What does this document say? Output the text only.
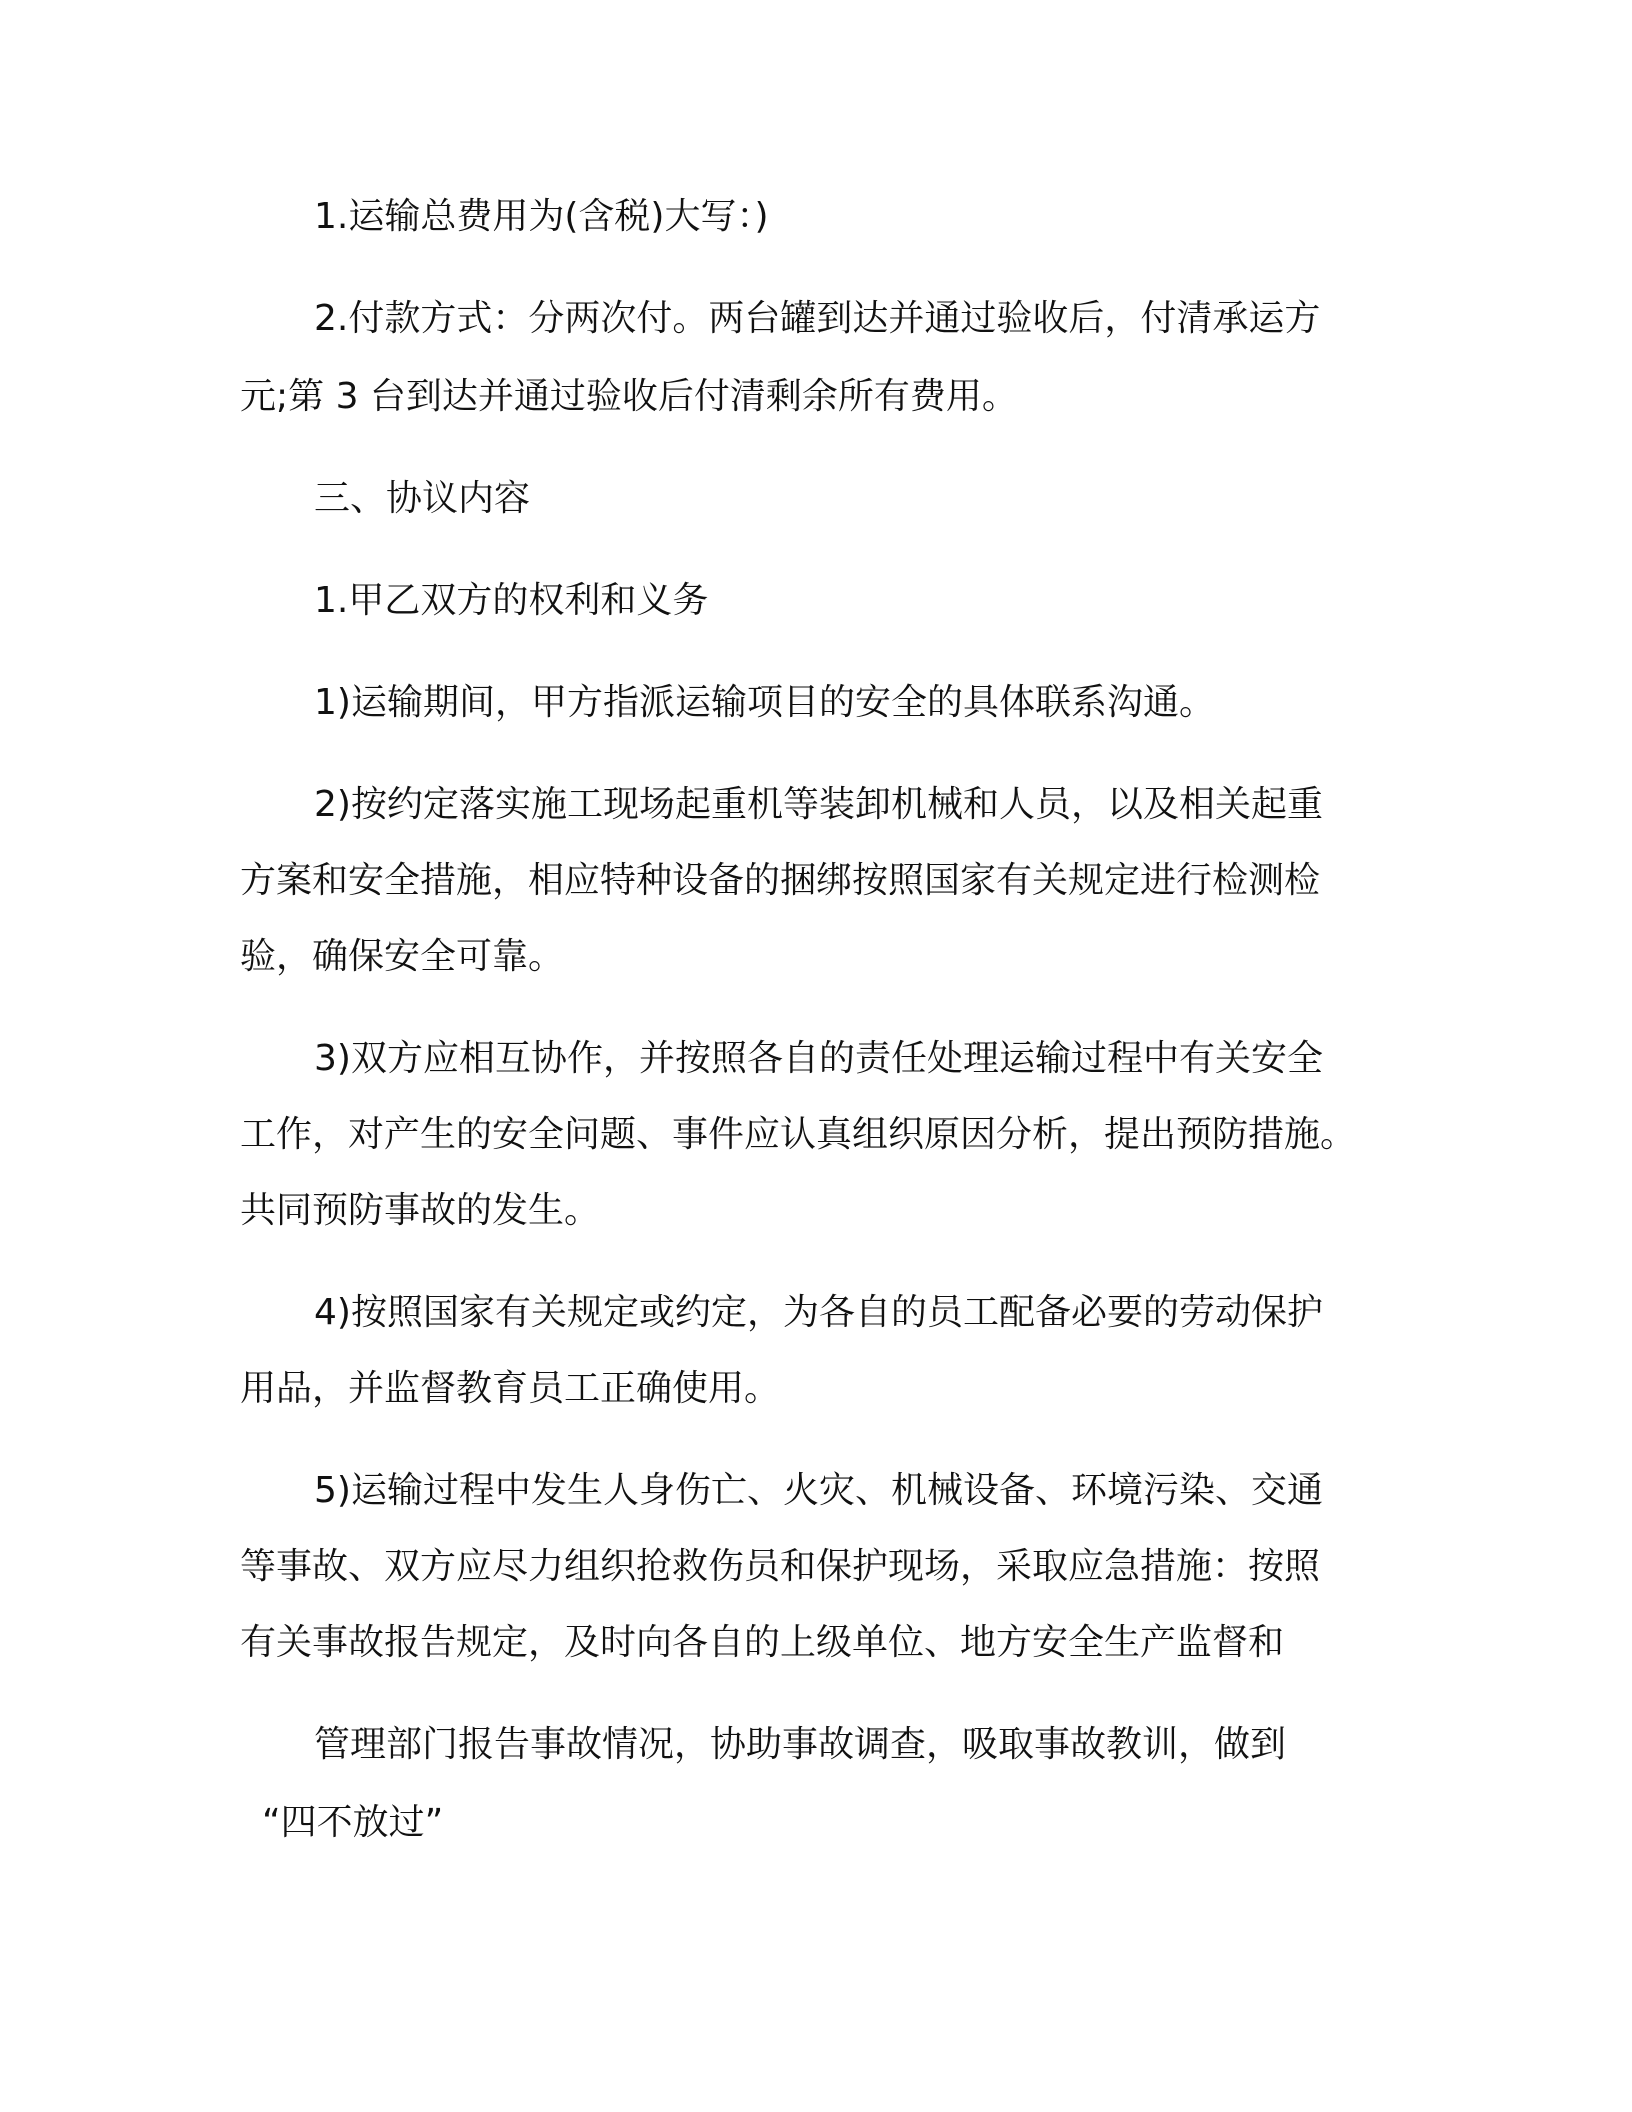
1.运输总费用为(含税)大写：)
2.付款方式：分两次付。两台罐到达并通过验收后，付清承运方
元;第 3 台到达并通过验收后付清剩余所有费用。
三、协议内容
1.甲乙双方的权利和义务
1)运输期间，甲方指派运输项目的安全的具体联系沟通。
2)按约定落实施工现场起重机等装卸机械和人员，以及相关起重
方案和安全措施，相应特种设备的捆绑按照国家有关规定进行检测检
验，确保安全可靠。
3)双方应相互协作，并按照各自的责任处理运输过程中有关安全
工作，对产生的安全问题、事件应认真组织原因分析，提出预防措施。
共同预防事故的发生。
4)按照国家有关规定或约定，为各自的员工配备必要的劳动保护
用品，并监督教育员工正确使用。
5)运输过程中发生人身伤亡、火灾、机械设备、环境污染、交通
等事故、双方应尽力组织抢救伤员和保护现场，采取应急措施：按照
有关事故报告规定，及时向各自的上级单位、地方安全生产监督和
管理部门报告事故情况，协助事故调查，吸取事故教训，做到
“四不放过”
